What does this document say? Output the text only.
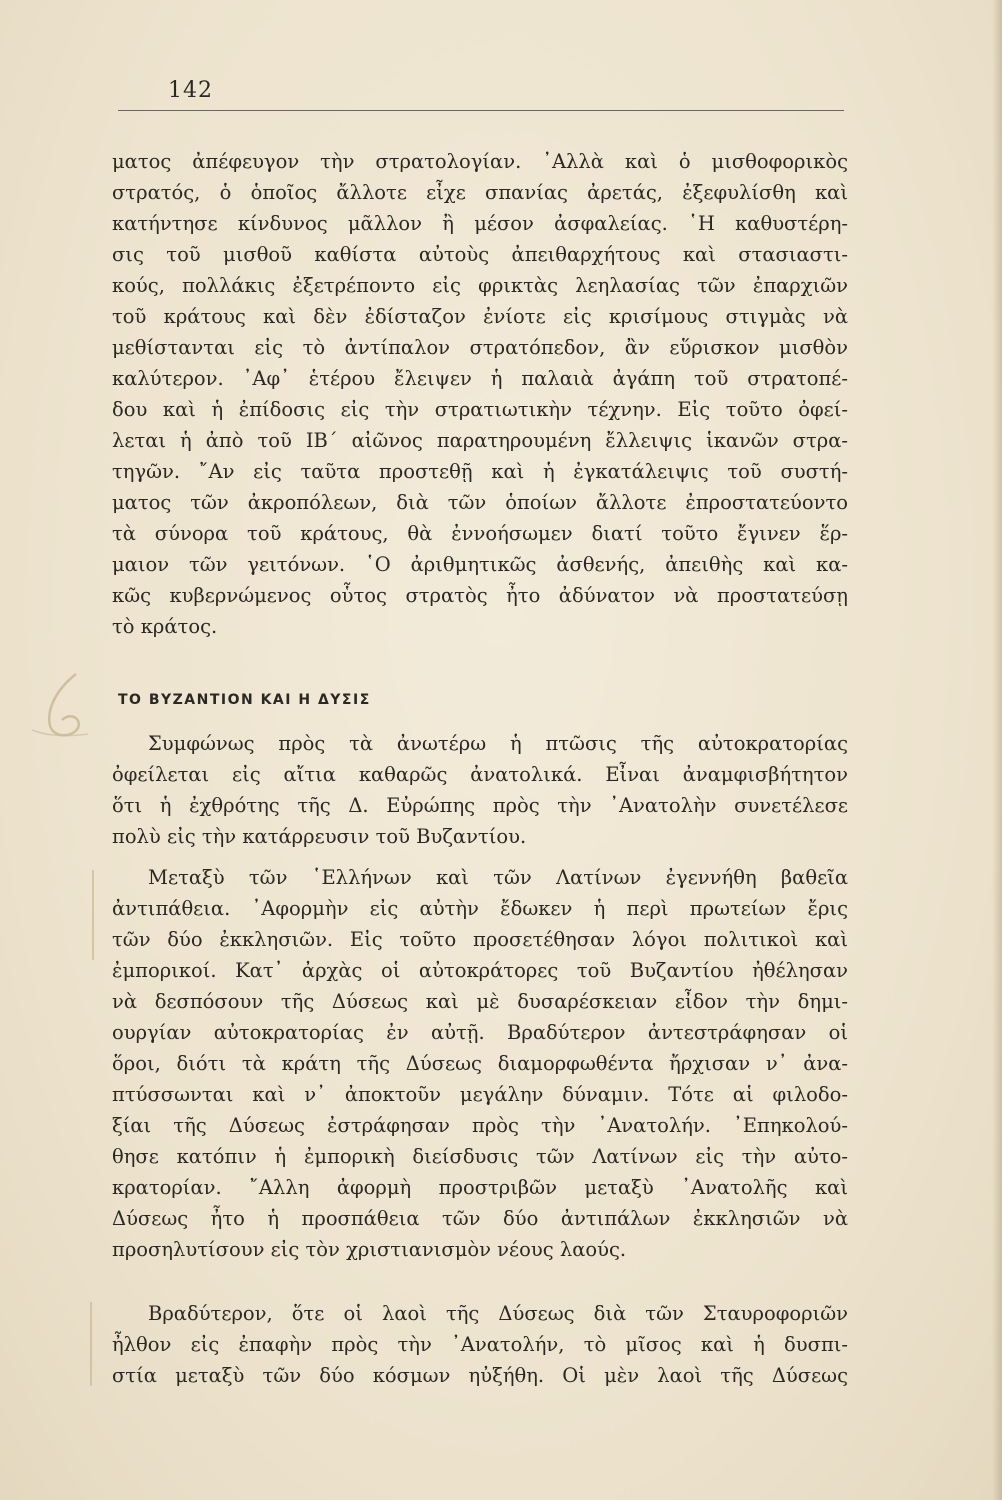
142
ματος ἀπέφευγον τὴν στρατολογίαν. ᾿Αλλὰ καὶ ὁ μισθοφορικὸς
στρατός, ὁ ὁποῖος ἄλλοτε εἶχε σπανίας ἀρετάς, ἐξεφυλίσθη καὶ
κατήντησε κίνδυνος μᾶλλον ἢ μέσον ἀσφαλείας. ῾Η καθυστέρη-
σις τοῦ μισθοῦ καθίστα αὐτοὺς ἀπειθαρχήτους καὶ στασιαστι-
κούς, πολλάκις ἐξετρέποντο εἰς φρικτὰς λεηλασίας τῶν ἐπαρχιῶν
τοῦ κράτους καὶ δὲν ἐδίσταζον ἐνίοτε εἰς κρισίμους στιγμὰς νὰ
μεθίστανται εἰς τὸ ἀντίπαλον στρατόπεδον, ἂν εὕρισκον μισθὸν
καλύτερον. ᾿Αφ᾿ ἑτέρου ἔλειψεν ἡ παλαιὰ ἀγάπη τοῦ στρατοπέ-
δου καὶ ἡ ἐπίδοσις εἰς τὴν στρατιωτικὴν τέχνην. Εἰς τοῦτο ὀφεί-
λεται ἡ ἀπὸ τοῦ ΙΒ´ αἰῶνος παρατηρουμένη ἔλλειψις ἱκανῶν στρα-
τηγῶν. ῎Αν εἰς ταῦτα προστεθῇ καὶ ἡ ἐγκατάλειψις τοῦ συστή-
ματος τῶν ἀκροπόλεων, διὰ τῶν ὁποίων ἄλλοτε ἐπροστατεύοντο
τὰ σύνορα τοῦ κράτους, θὰ ἐννοήσωμεν διατί τοῦτο ἔγινεν ἕρ-
μαιον τῶν γειτόνων. ῾Ο ἀριθμητικῶς ἀσθενής, ἀπειθὴς καὶ κα-
κῶς κυβερνώμενος οὗτος στρατὸς ἦτο ἀδύνατον νὰ προστατεύσῃ
τὸ κράτος.
ΤΟ ΒΥΖΑΝΤΙΟΝ ΚΑΙ Η ΔΥΣΙΣ
Συμφώνως πρὸς τὰ ἀνωτέρω ἡ πτῶσις τῆς αὐτοκρατορίας
ὀφείλεται εἰς αἴτια καθαρῶς ἀνατολικά. Εἶναι ἀναμφισβήτητον
ὅτι ἡ ἐχθρότης τῆς Δ. Εὐρώπης πρὸς τὴν ᾿Ανατολὴν συνετέλεσε
πολὺ εἰς τὴν κατάρρευσιν τοῦ Βυζαντίου.
Μεταξὺ τῶν ῾Ελλήνων καὶ τῶν Λατίνων ἐγεννήθη βαθεῖα
ἀντιπάθεια. ᾿Αφορμὴν εἰς αὐτὴν ἔδωκεν ἡ περὶ πρωτείων ἔρις
τῶν δύο ἐκκλησιῶν. Εἰς τοῦτο προσετέθησαν λόγοι πολιτικοὶ καὶ
ἐμπορικοί. Κατ᾿ ἀρχὰς οἱ αὐτοκράτορες τοῦ Βυζαντίου ἠθέλησαν
νὰ δεσπόσουν τῆς Δύσεως καὶ μὲ δυσαρέσκειαν εἶδον τὴν δημι-
ουργίαν αὐτοκρατορίας ἐν αὐτῇ. Βραδύτερον ἀντεστράφησαν οἱ
ὅροι, διότι τὰ κράτη τῆς Δύσεως διαμορφωθέντα ἤρχισαν ν᾿ ἀνα-
πτύσσωνται καὶ ν᾿ ἀποκτοῦν μεγάλην δύναμιν. Τότε αἱ φιλοδο-
ξίαι τῆς Δύσεως ἐστράφησαν πρὸς τὴν ᾿Ανατολήν. ᾿Επηκολού-
θησε κατόπιν ἡ ἐμπορικὴ διείσδυσις τῶν Λατίνων εἰς τὴν αὐτο-
κρατορίαν. ῎Αλλη ἀφορμὴ προστριβῶν μεταξὺ ᾿Ανατολῆς καὶ
Δύσεως ἦτο ἡ προσπάθεια τῶν δύο ἀντιπάλων ἐκκλησιῶν νὰ
προσηλυτίσουν εἰς τὸν χριστιανισμὸν νέους λαούς.
Βραδύτερον, ὅτε οἱ λαοὶ τῆς Δύσεως διὰ τῶν Σταυροφοριῶν
ἦλθον εἰς ἐπαφὴν πρὸς τὴν ᾿Ανατολήν, τὸ μῖσος καὶ ἡ δυσπι-
στία μεταξὺ τῶν δύο κόσμων ηὐξήθη. Οἱ μὲν λαοὶ τῆς Δύσεως
